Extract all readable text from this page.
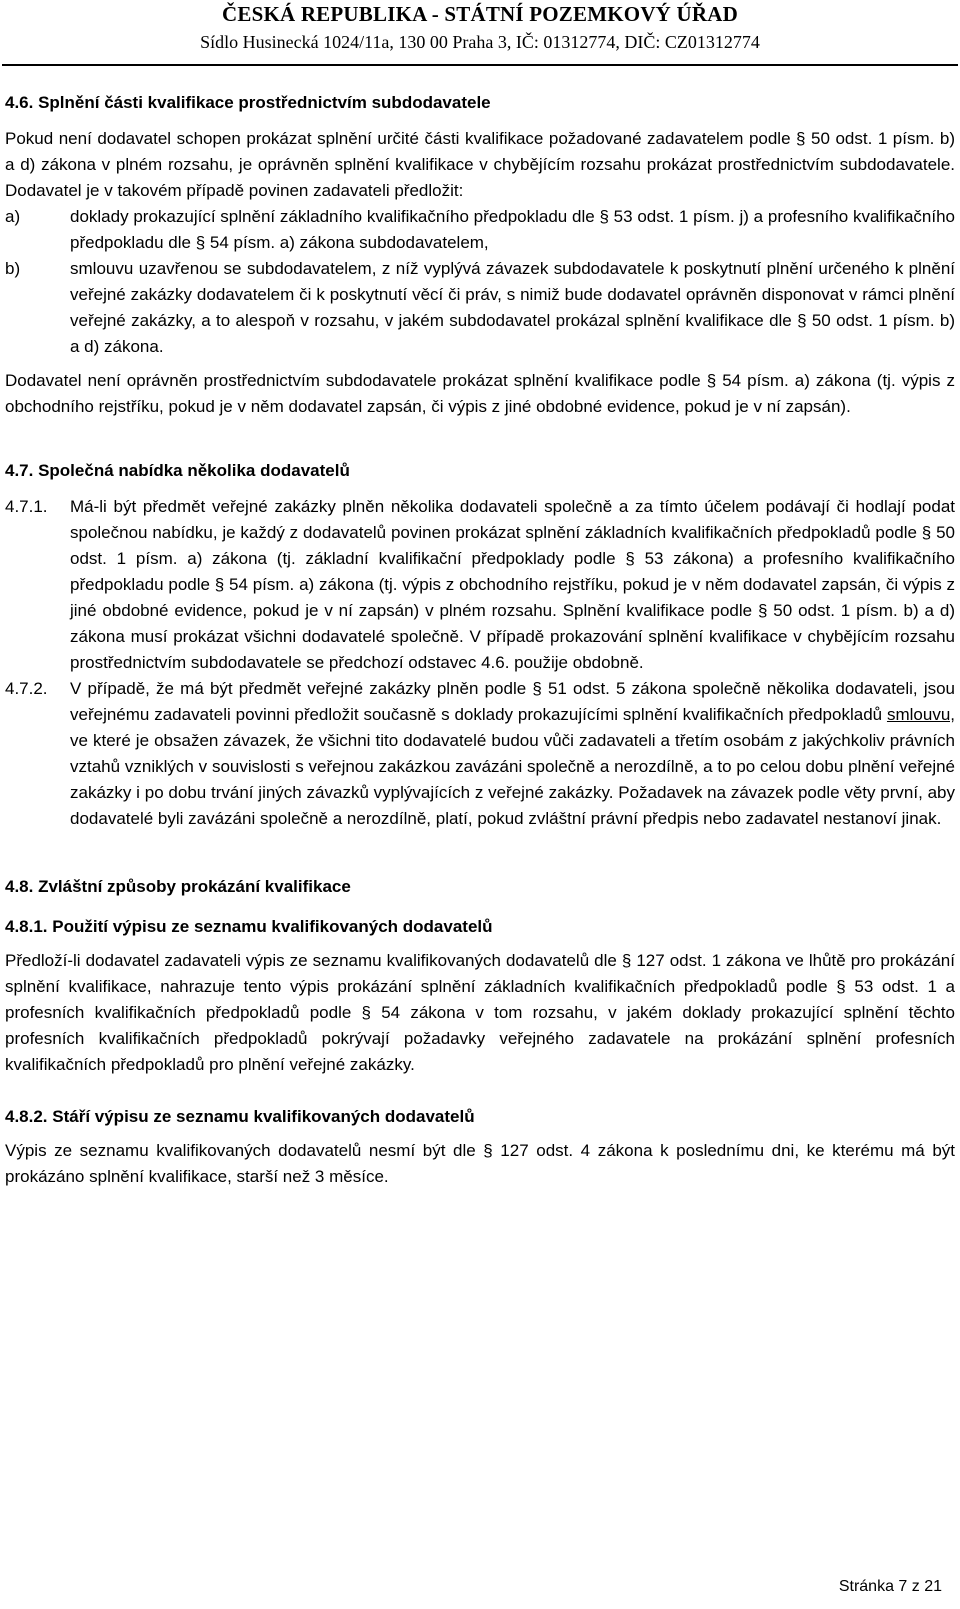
ČESKÁ REPUBLIKA - STÁTNÍ POZEMKOVÝ ÚŘAD
Sídlo Husinecká 1024/11a, 130 00 Praha 3, IČ: 01312774, DIČ: CZ01312774

4.6. Splnění části kvalifikace prostřednictvím subdodavatele

Pokud není dodavatel schopen prokázat splnění určité části kvalifikace požadované zadavatelem podle § 50 odst. 1 písm. b) a d) zákona v plném rozsahu, je oprávněn splnění kvalifikace v chybějícím rozsahu prokázat prostřednictvím subdodavatele. Dodavatel je v takovém případě povinen zadavateli předložit:

a)	doklady prokazující splnění základního kvalifikačního předpokladu dle § 53 odst. 1 písm. j) a profesního kvalifikačního předpokladu dle § 54 písm. a) zákona subdodavatelem,
b)	smlouvu uzavřenou se subdodavatelem, z níž vyplývá závazek subdodavatele k poskytnutí plnění určeného k plnění veřejné zakázky dodavatelem či k poskytnutí věcí či práv, s nimiž bude dodavatel oprávněn disponovat v rámci plnění veřejné zakázky, a to alespoň v rozsahu, v jakém subdodavatel prokázal splnění kvalifikace dle § 50 odst. 1 písm. b) a d) zákona.

Dodavatel není oprávněn prostřednictvím subdodavatele prokázat splnění kvalifikace podle § 54 písm. a) zákona (tj. výpis z obchodního rejstříku, pokud je v něm dodavatel zapsán, či výpis z jiné obdobné evidence, pokud je v ní zapsán).

4.7. Společná nabídka několika dodavatelů

4.7.1. Má-li být předmět veřejné zakázky plněn několika dodavateli společně a za tímto účelem podávají či hodlají podat společnou nabídku, je každý z dodavatelů povinen prokázat splnění základních kvalifikačních předpokladů podle § 50 odst. 1 písm. a) zákona (tj. základní kvalifikační předpoklady podle § 53 zákona) a profesního kvalifikačního předpokladu podle § 54 písm. a) zákona (tj. výpis z obchodního rejstříku, pokud je v něm dodavatel zapsán, či výpis z jiné obdobné evidence, pokud je v ní zapsán) v plném rozsahu. Splnění kvalifikace podle § 50 odst. 1 písm. b) a d) zákona musí prokázat všichni dodavatelé společně. V případě prokazování splnění kvalifikace v chybějícím rozsahu prostřednictvím subdodavatele se předchozí odstavec 4.6. použije obdobně.
4.7.2. V případě, že má být předmět veřejné zakázky plněn podle § 51 odst. 5 zákona společně několika dodavateli, jsou veřejnému zadavateli povinni předložit současně s doklady prokazujícími splnění kvalifikačních předpokladů smlouvu, ve které je obsažen závazek, že všichni tito dodavatelé budou vůči zadavateli a třetím osobám z jakýchkoliv právních vztahů vzniklých v souvislosti s veřejnou zakázkou zavázáni společně a nerozdílně, a to po celou dobu plnění veřejné zakázky i po dobu trvání jiných závazků vyplývajících z veřejné zakázky. Požadavek na závazek podle věty první, aby dodavatelé byli zavázáni společně a nerozdílně, platí, pokud zvláštní právní předpis nebo zadavatel nestanoví jinak.

4.8. Zvláštní způsoby prokázání kvalifikace

4.8.1. Použití výpisu ze seznamu kvalifikovaných dodavatelů

Předloží-li dodavatel zadavateli výpis ze seznamu kvalifikovaných dodavatelů dle § 127 odst. 1 zákona ve lhůtě pro prokázání splnění kvalifikace, nahrazuje tento výpis prokázání splnění základních kvalifikačních předpokladů podle § 53 odst. 1 a profesních kvalifikačních předpokladů podle § 54 zákona v tom rozsahu, v jakém doklady prokazující splnění těchto profesních kvalifikačních předpokladů pokrývají požadavky veřejného zadavatele na prokázání splnění profesních kvalifikačních předpokladů pro plnění veřejné zakázky.

4.8.2. Stáří výpisu ze seznamu kvalifikovaných dodavatelů

Výpis ze seznamu kvalifikovaných dodavatelů nesmí být dle § 127 odst. 4 zákona k poslednímu dni, ke kterému má být prokázáno splnění kvalifikace, starší než 3 měsíce.

Stránka 7 z 21
